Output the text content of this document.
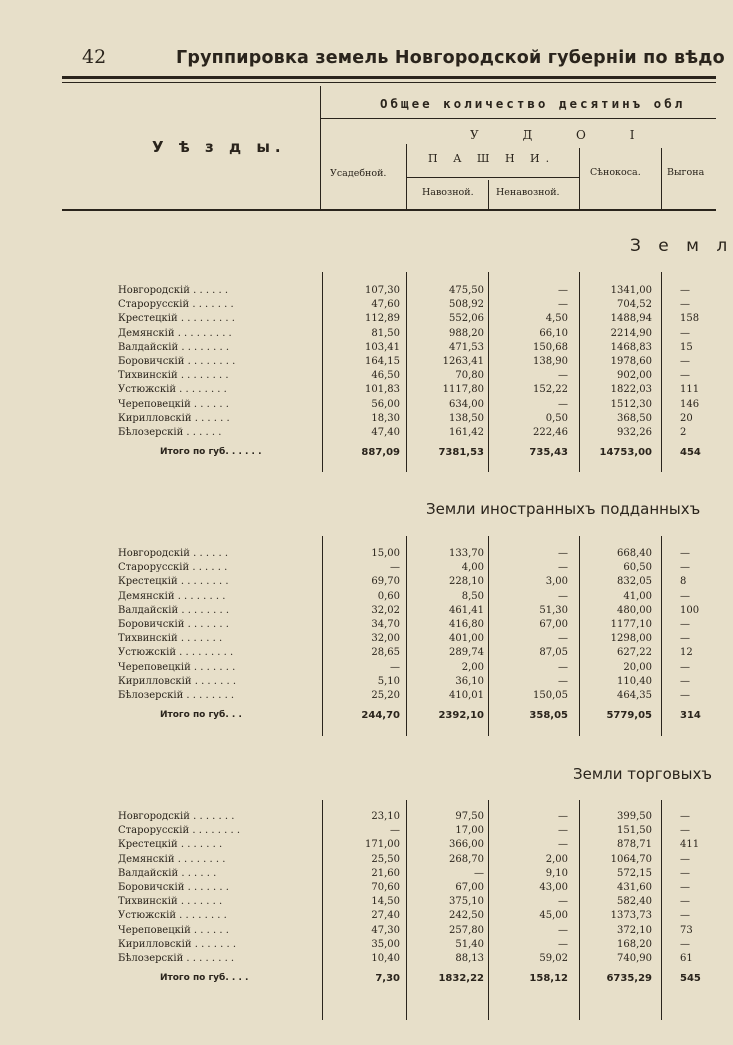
42	Группировка земель Новгородской губерніи по вѣдо
У ѣ з д ы.
Общее количество десятинъ обл
У Д О І
Усадебной.
П А Ш Н И.
Навозной. Ненавозной.
Сѣнокоса.	Выгона
З е м л
Новгородскій . . . . . .	107,30	475,50	—	1341,00	—
Старорусскій . . . . . . .	47,60	508,92	—	704,52	—
Крестецкій . . . . . . . . .	112,89	552,06	4,50	1488,94	158
Демянскій . . . . . . . . .	81,50	988,20	66,10	2214,90	—
Валдайскій . . . . . . . .	103,41	471,53	150,68	1468,83	15
Боровичскій . . . . . . . .	164,15	1263,41	138,90	1978,60	—
Тихвинскій . . . . . . . .	46,50	70,80	—	902,00	—
Устюжскій . . . . . . . .	101,83	1117,80	152,22	1822,03	111
Череповецкій . . . . . .	56,00	634,00	—	1512,30	146
Кирилловскій . . . . . .	18,30	138,50	0,50	368,50	20
Бѣлозерскій . . . . . .	47,40	161,42	222,46	932,26	2
Итого по губ. . . . . .	887,09	7381,53	735,43	14753,00	454
Земли иностранныхъ подданныхъ
Новгородскій . . . . . .	15,00	133,70	—	668,40	—
Старорусскій . . . . . .	—	4,00	—	60,50	—
Крестецкій . . . . . . . .	69,70	228,10	3,00	832,05	8
Демянскій . . . . . . . .	0,60	8,50	—	41,00	—
Валдайскій . . . . . . . .	32,02	461,41	51,30	480,00	100
Боровичскій . . . . . . .	34,70	416,80	67,00	1177,10	—
Тихвинскій . . . . . . .	32,00	401,00	—	1298,00	—
Устюжскій . . . . . . . . .	28,65	289,74	87,05	627,22	12
Череповецкій . . . . . . .	—	2,00	—	20,00	—
Кирилловскій . . . . . . .	5,10	36,10	—	110,40	—
Бѣлозерскій . . . . . . . .	25,20	410,01	150,05	464,35	—
Итого по губ. . .	244,70	2392,10	358,05	5779,05	314
Земли торговыхъ
Новгородскій . . . . . . .	23,10	97,50	—	399,50	—
Старорусскій . . . . . . . .	—	17,00	—	151,50	—
Крестецкій . . . . . . .	171,00	366,00	—	878,71	411
Демянскій . . . . . . . .	25,50	268,70	2,00	1064,70	—
Валдайскій . . . . . .	21,60	—	9,10	572,15	—
Боровичскій . . . . . . .	70,60	67,00	43,00	431,60	—
Тихвинскій . . . . . . .	14,50	375,10	—	582,40	—
Устюжскій . . . . . . . .	27,40	242,50	45,00	1373,73	—
Череповецкій . . . . . .	47,30	257,80	—	372,10	73
Кирилловскій . . . . . . .	35,00	51,40	—	168,20	—
Бѣлозерскій . . . . . . . .	10,40	88,13	59,02	740,90	61
Итого по губ. . . .	7,30	1832,22	158,12	6735,29	545
